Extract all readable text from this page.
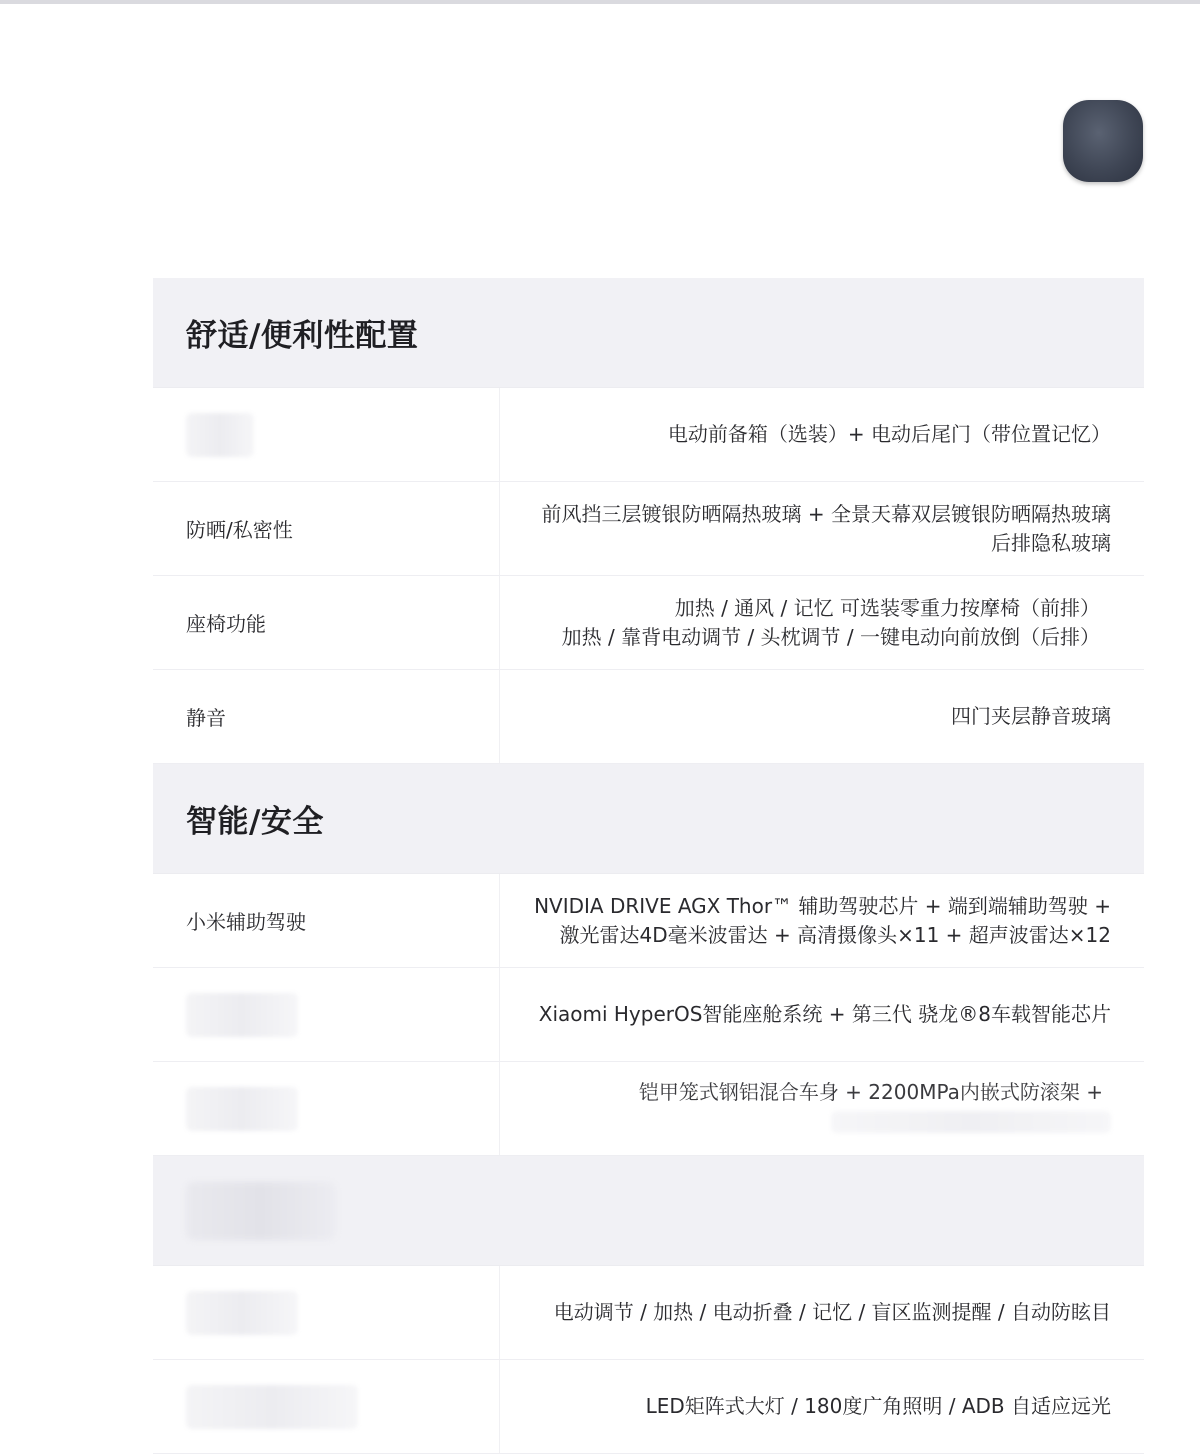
舒适/便利性配置
电动前备箱（选装）+ 电动后尾门（带位置记忆）
防晒/私密性
前风挡三层镀银防晒隔热玻璃 + 全景天幕双层镀银防晒隔热玻璃
后排隐私玻璃
座椅功能
加热 / 通风 / 记忆 可选装零重力按摩椅（前排）
加热 / 靠背电动调节 / 头枕调节 / 一键电动向前放倒（后排）
静音	四门夹层静音玻璃
智能/安全
小米辅助驾驶
NVIDIA DRIVE AGX Thor™ 辅助驾驶芯片 + 端到端辅助驾驶 +
激光雷达4D毫米波雷达 + 高清摄像头×11 + 超声波雷达×12
Xiaomi HyperOS智能座舱系统 + 第三代 骁龙®8车载智能芯片
铠甲笼式钢铝混合车身 + 2200MPa内嵌式防滚架 +
电动调节 / 加热 / 电动折叠 / 记忆 / 盲区监测提醒 / 自动防眩目
LED矩阵式大灯 / 180度广角照明 / ADB 自适应远光
